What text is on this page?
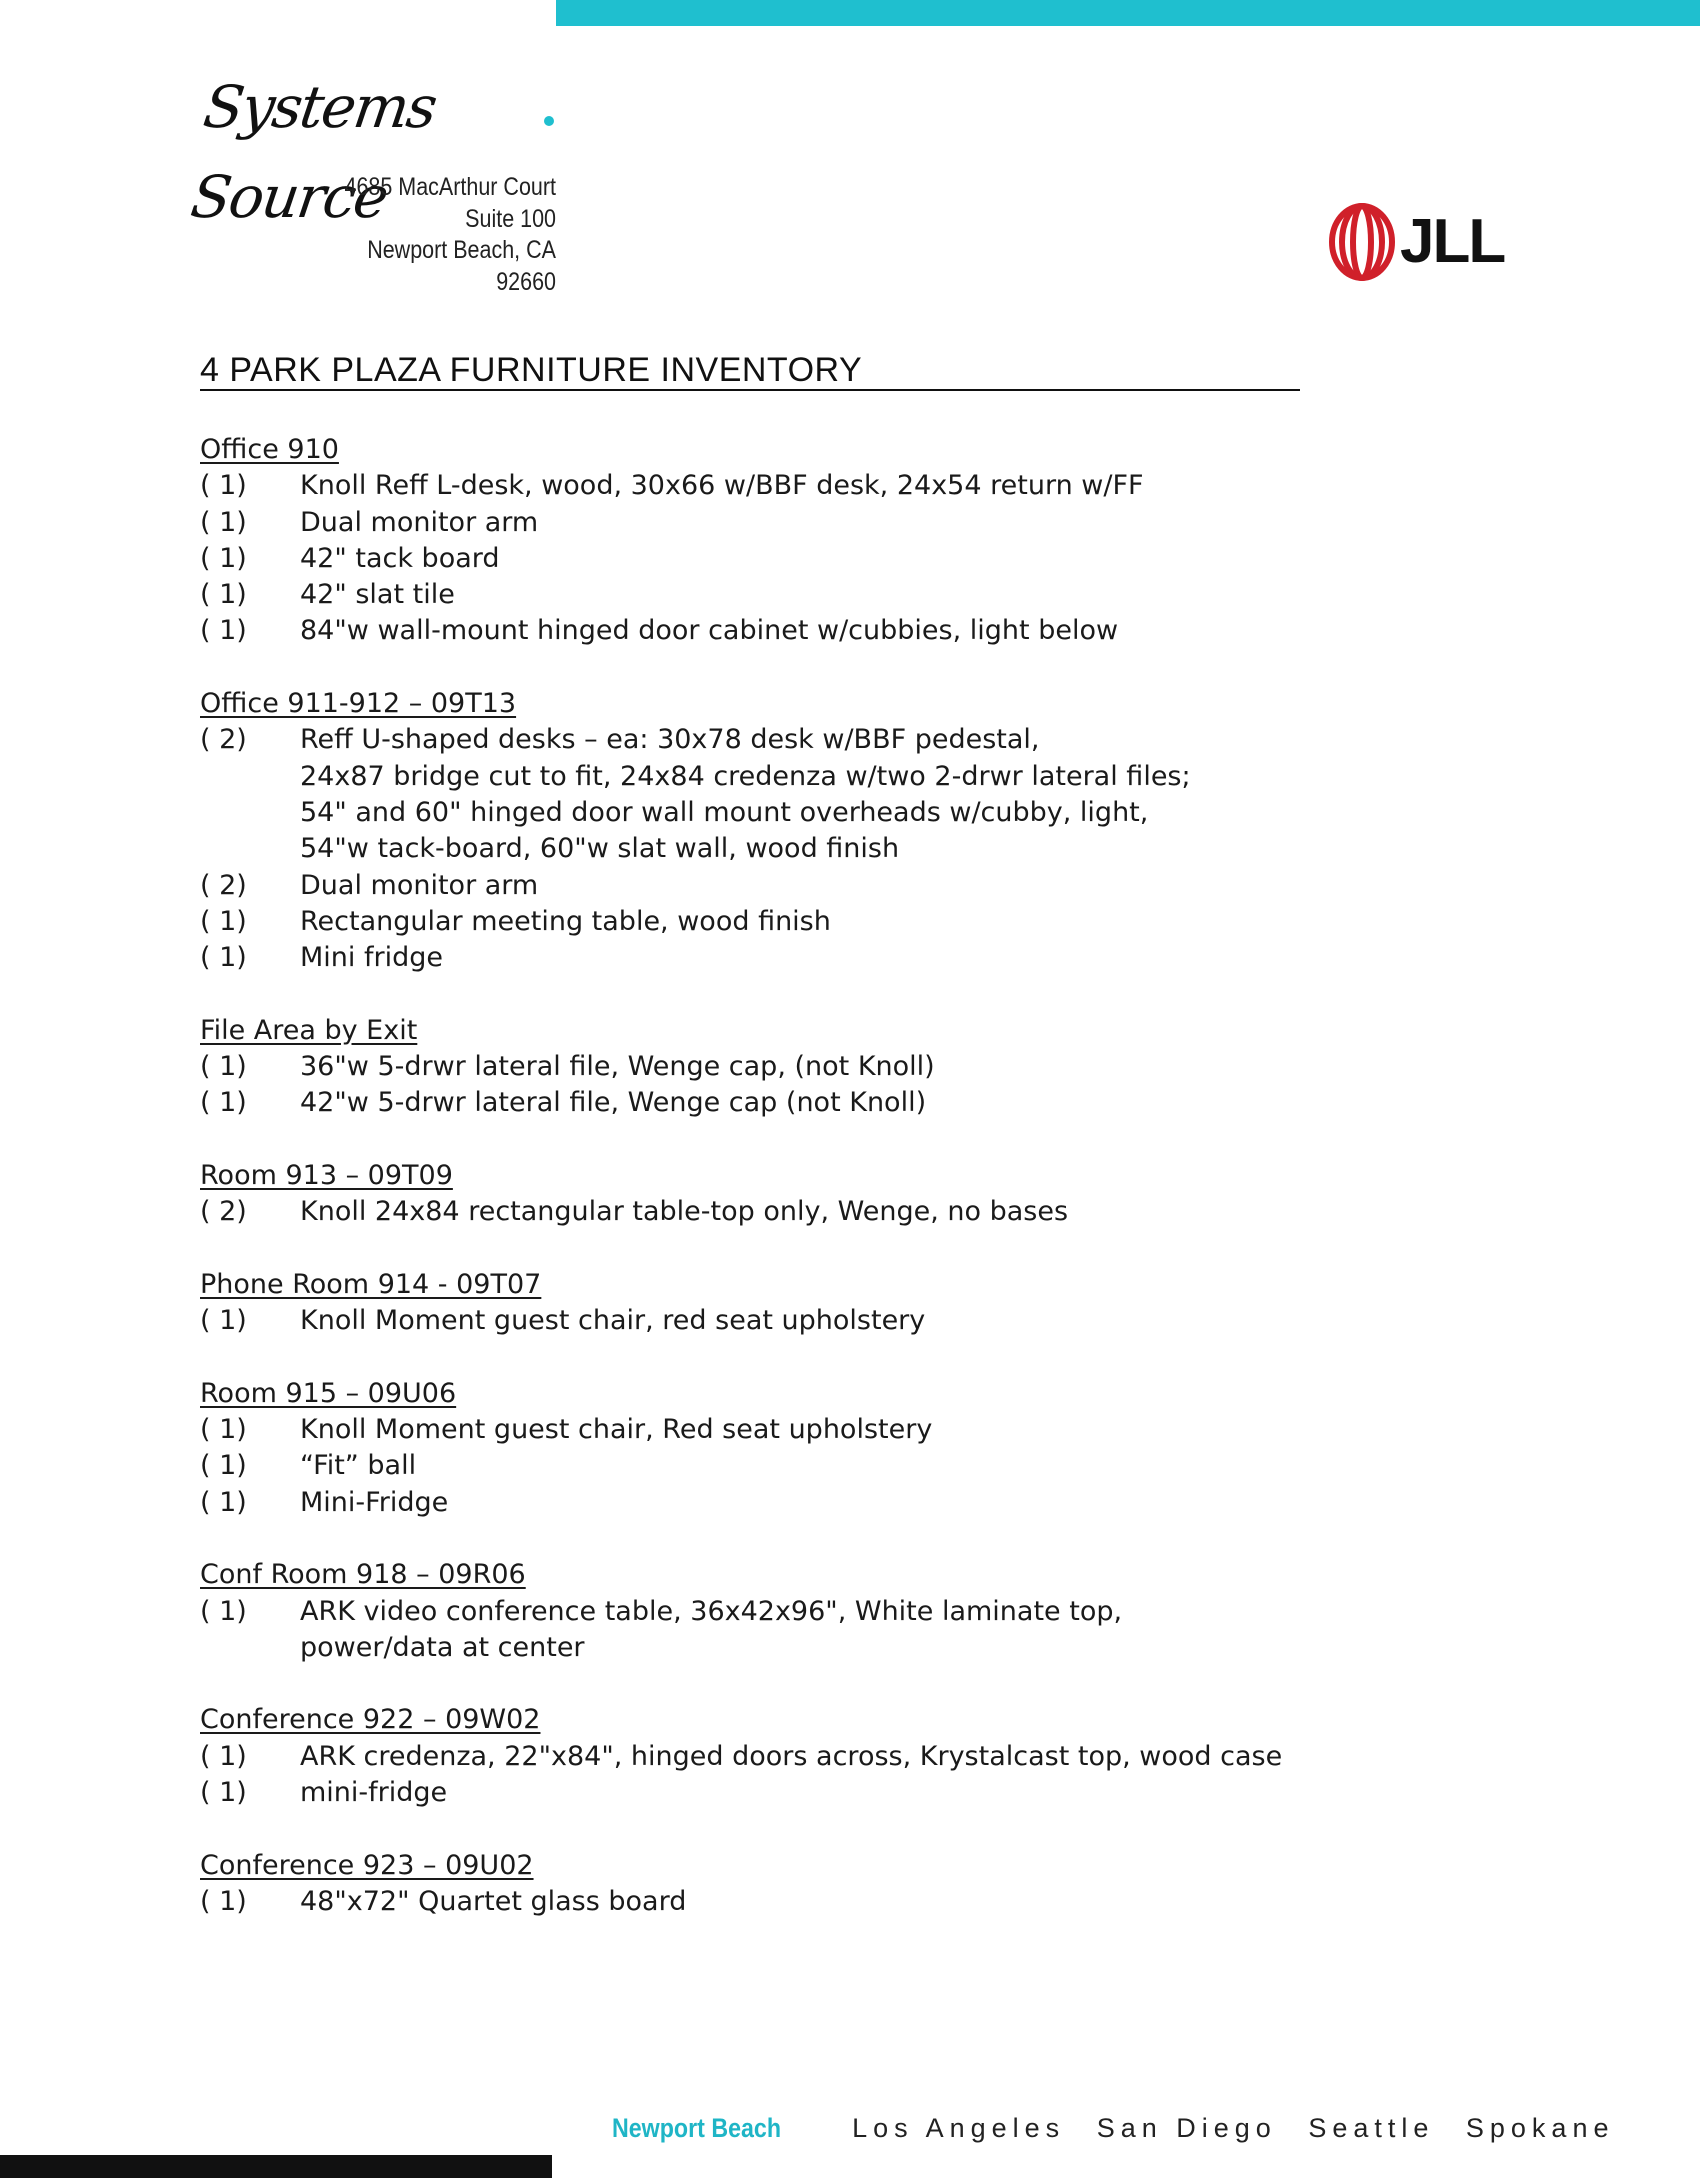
Systems Source
4685 MacArthur Court
Suite 100
Newport Beach, CA
92660
JLL
4 PARK PLAZA FURNITURE INVENTORY
Office 910
( 1)	Knoll Reff L-desk, wood, 30x66 w/BBF desk, 24x54 return w/FF
( 1)	Dual monitor arm
( 1)	42" tack board
( 1)	42" slat tile
( 1)	84"w wall-mount hinged door cabinet w/cubbies, light below
Office 911-912 – 09T13
( 2)	Reff U-shaped desks – ea: 30x78 desk w/BBF pedestal,
24x87 bridge cut to fit, 24x84 credenza w/two 2-drwr lateral files;
54" and 60" hinged door wall mount overheads w/cubby, light,
54"w tack-board, 60"w slat wall, wood finish
( 2)	Dual monitor arm
( 1)	Rectangular meeting table, wood finish
( 1)	Mini fridge
File Area by Exit
( 1)	36"w 5-drwr lateral file, Wenge cap, (not Knoll)
( 1)	42"w 5-drwr lateral file, Wenge cap (not Knoll)
Room 913 – 09T09
( 2)	Knoll 24x84 rectangular table-top only, Wenge, no bases
Phone Room 914 - 09T07
( 1)	Knoll Moment guest chair, red seat upholstery
Room 915 – 09U06
( 1)	Knoll Moment guest chair, Red seat upholstery
( 1)	“Fit” ball
( 1)	Mini-Fridge
Conf Room 918 – 09R06
( 1)	ARK video conference table, 36x42x96", White laminate top,
power/data at center
Conference 922 – 09W02
( 1)	ARK credenza, 22"x84", hinged doors across, Krystalcast top, wood case
( 1)	mini-fridge
Conference 923 – 09U02
( 1)	48"x72" Quartet glass board
Newport Beach	Los Angeles San Diego Seattle Spokane
